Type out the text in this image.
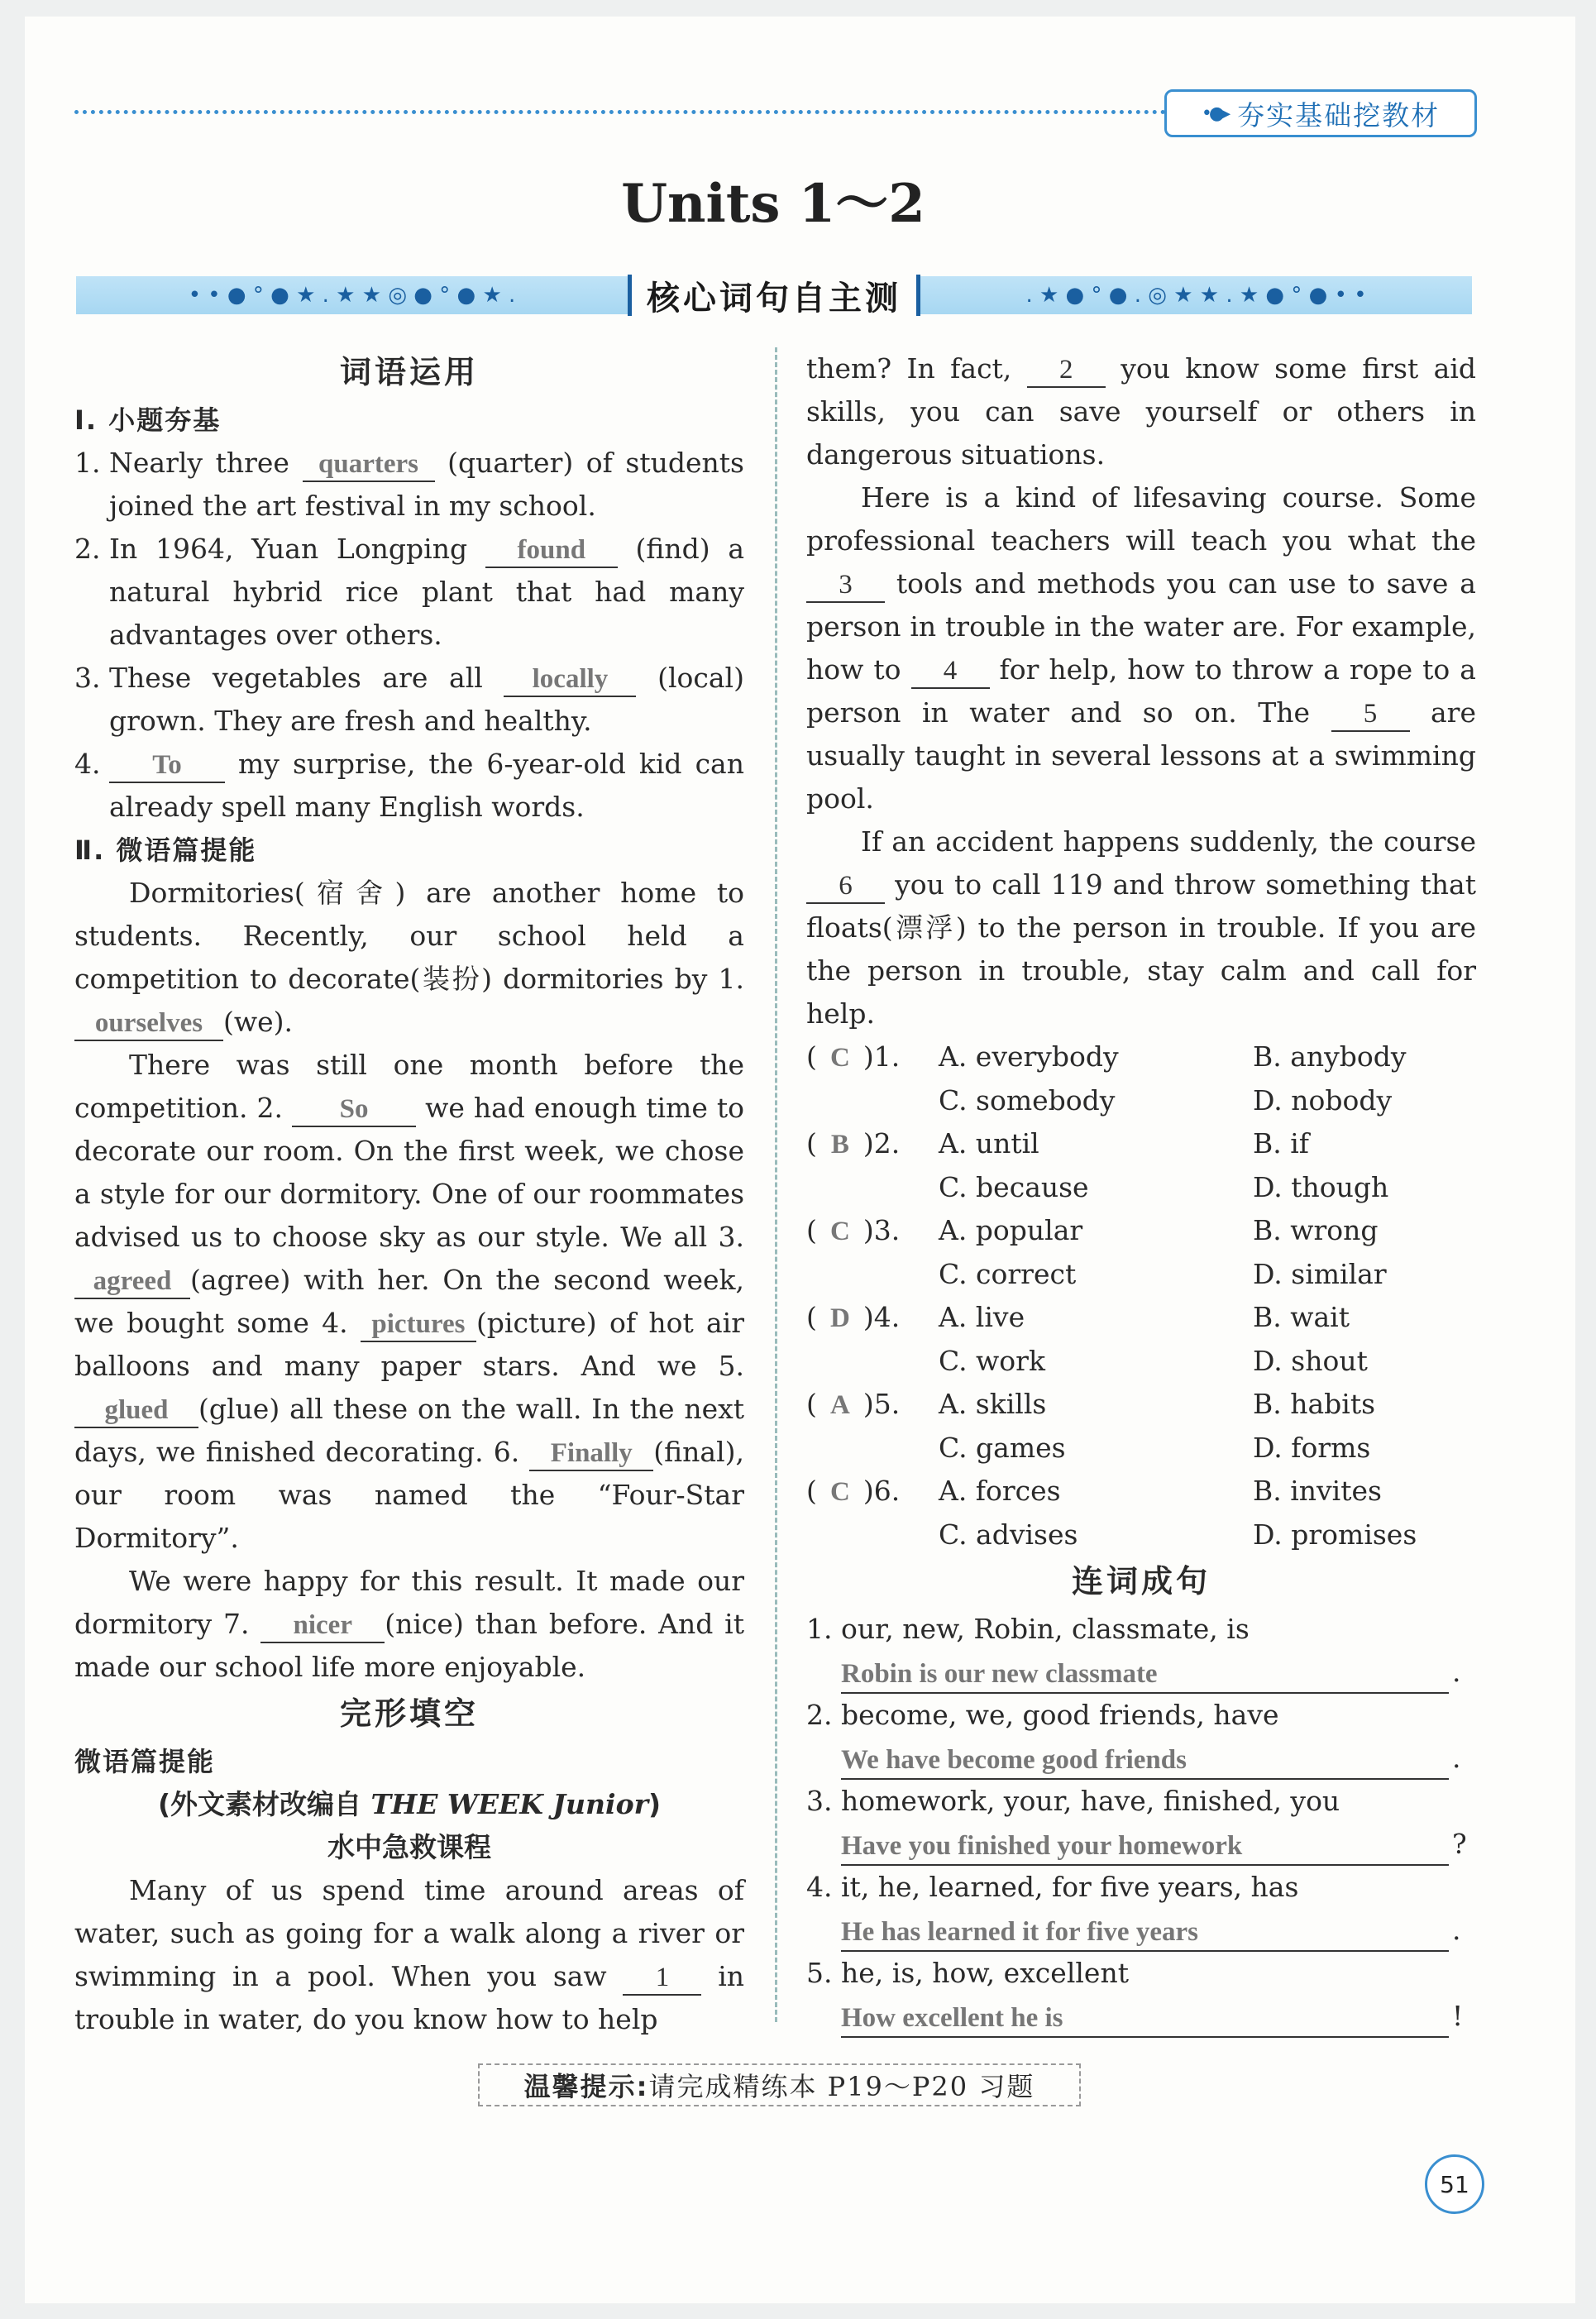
•●▸ 夯实基础挖教材
Units 1～2
• • ● ° ● ★ . ★ ★ ◎ ● ° ● ★ .	核心词句自主测	. ★ ● ° ● . ◎ ★ ★ . ★ ● ° ● • •
词语运用
Ⅰ. 小题夯基
1. Nearly three quarters (quarter) of students joined the art festival in my school.
2. In 1964, Yuan Longping found (find) a natural hybrid rice plant that had many advantages over others.
3. These vegetables are all locally (local) grown. They are fresh and healthy.
4.	To my surprise, the 6-year-old kid can already spell many English words.
Ⅱ. 微语篇提能

Dormitories(宿舍) are another home to students. Recently, our school held a competition to decorate(装扮) dormitories by 1. ourselves (we).

There was still one month before the competition. 2. So we had enough time to decorate our room. On the first week, we chose a style for our dormitory. One of our roommates advised us to choose sky as our style. We all 3. agreed (agree) with her. On the second week, we bought some 4. pictures (picture) of hot air balloons and many paper stars. And we 5. glued (glue) all these on the wall. In the next days, we finished decorating. 6. Finally (final), our room was named the “Four-Star Dormitory”.

We were happy for this result. It made our dormitory 7. nicer (nice) than before. And it made our school life more enjoyable.

完形填空
微语篇提能
(外文素材改编自 THE WEEK Junior)
水中急救课程

Many of us spend time around areas of water, such as going for a walk along a river or swimming in a pool. When you saw 1 in trouble in water, do you know how to help

them? In fact, 2 you know some first aid skills, you can save yourself or others in dangerous situations.

Here is a kind of lifesaving course. Some professional teachers will teach you what the 3 tools and methods you can use to save a person in trouble in the water are. For example, how to 4 for help, how to throw a rope to a person in water and so on. The 5 are usually taught in several lessons at a swimming pool.

If an accident happens suddenly, the course 6 you to call 119 and throw something that floats(漂浮) to the person in trouble. If you are the person in trouble, stay calm and call for help.

( C )1.	A. everybody	B. anybody
C. somebody	D. nobody
( B )2.	A. until	B. if
C. because	D. though
( C )3.	A. popular	B. wrong
C. correct	D. similar
( D )4.	A. live	B. wait
C. work	D. shout
( A )5.	A. skills	B. habits
C. games	D. forms
( C )6.	A. forces	B. invites
C. advises	D. promises
连词成句
1. our, new, Robin, classmate, is
Robin is our new classmate	.
2. become, we, good friends, have
We have become good friends	.
3. homework, your, have, finished, you
Have you finished your homework	?
4. it, he, learned, for five years, has
He has learned it for five years	.
5. he, is, how, excellent
How excellent he is	!
温馨提示: 请完成精练本 P19～P20 习题
51
